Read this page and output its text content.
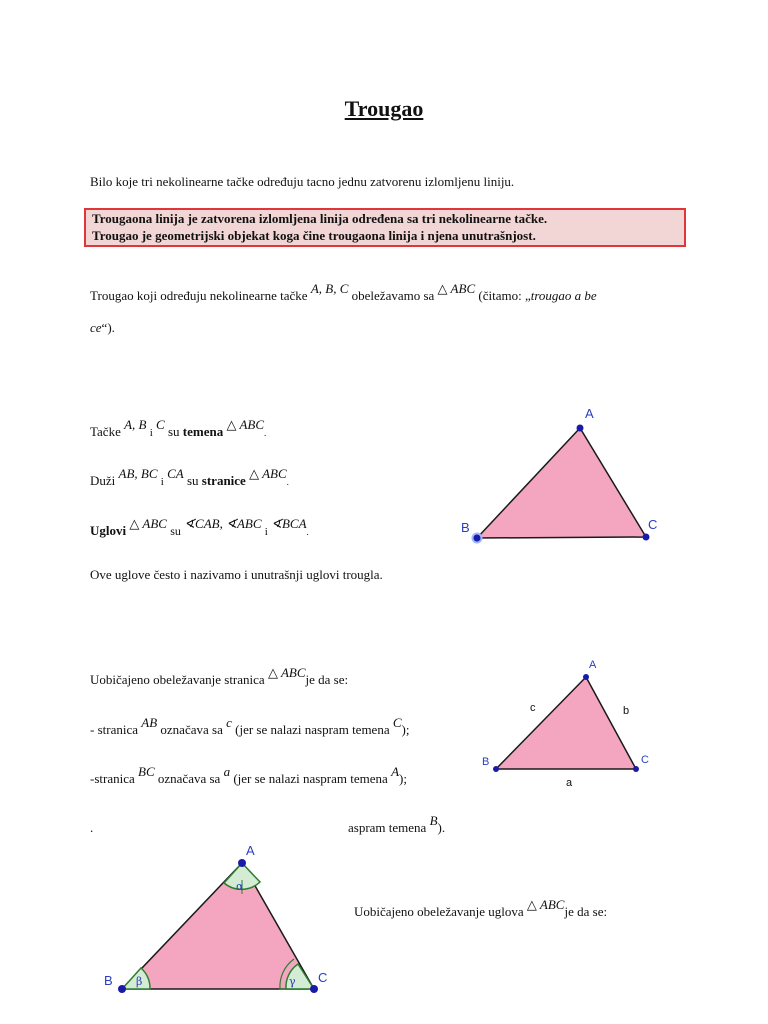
Trougao
Bilo koje tri nekolinearne tačke određuju tacno jednu zatvorenu izlomljenu liniju.
Trougaona linija je zatvorena izlomljena linija određena sa tri nekolinearne tačke.
Trougao je geometrijski objekat koga čine trougaona linija i njena unutrašnjost.
Trougao koji određuju nekolinearne tačke A, B, C obeležavamo sa △ ABC (čitamo: „trougao a be
ce“).
Tačke A, B i C su temena △ ABC.
Duži AB, BC i CA su stranice △ ABC.
Uglovi △ ABC su ∢CAB, ∢ABC i ∢BCA.
Ove uglove često i nazivamo i unutrašnji uglovi trougla.
Uobičajeno obeležavanje stranica △ ABCje da se:
- stranica AB označava sa c (jer se nalazi naspram temena C);
-stranica BC označava sa a (jer se nalazi naspram temena A);
.	aspram temena B).
Uobičajeno obeležavanje uglova △ ABCje da se:
A
B	C
A
B	C
c	b
a
A
B	C
α
β	γ
